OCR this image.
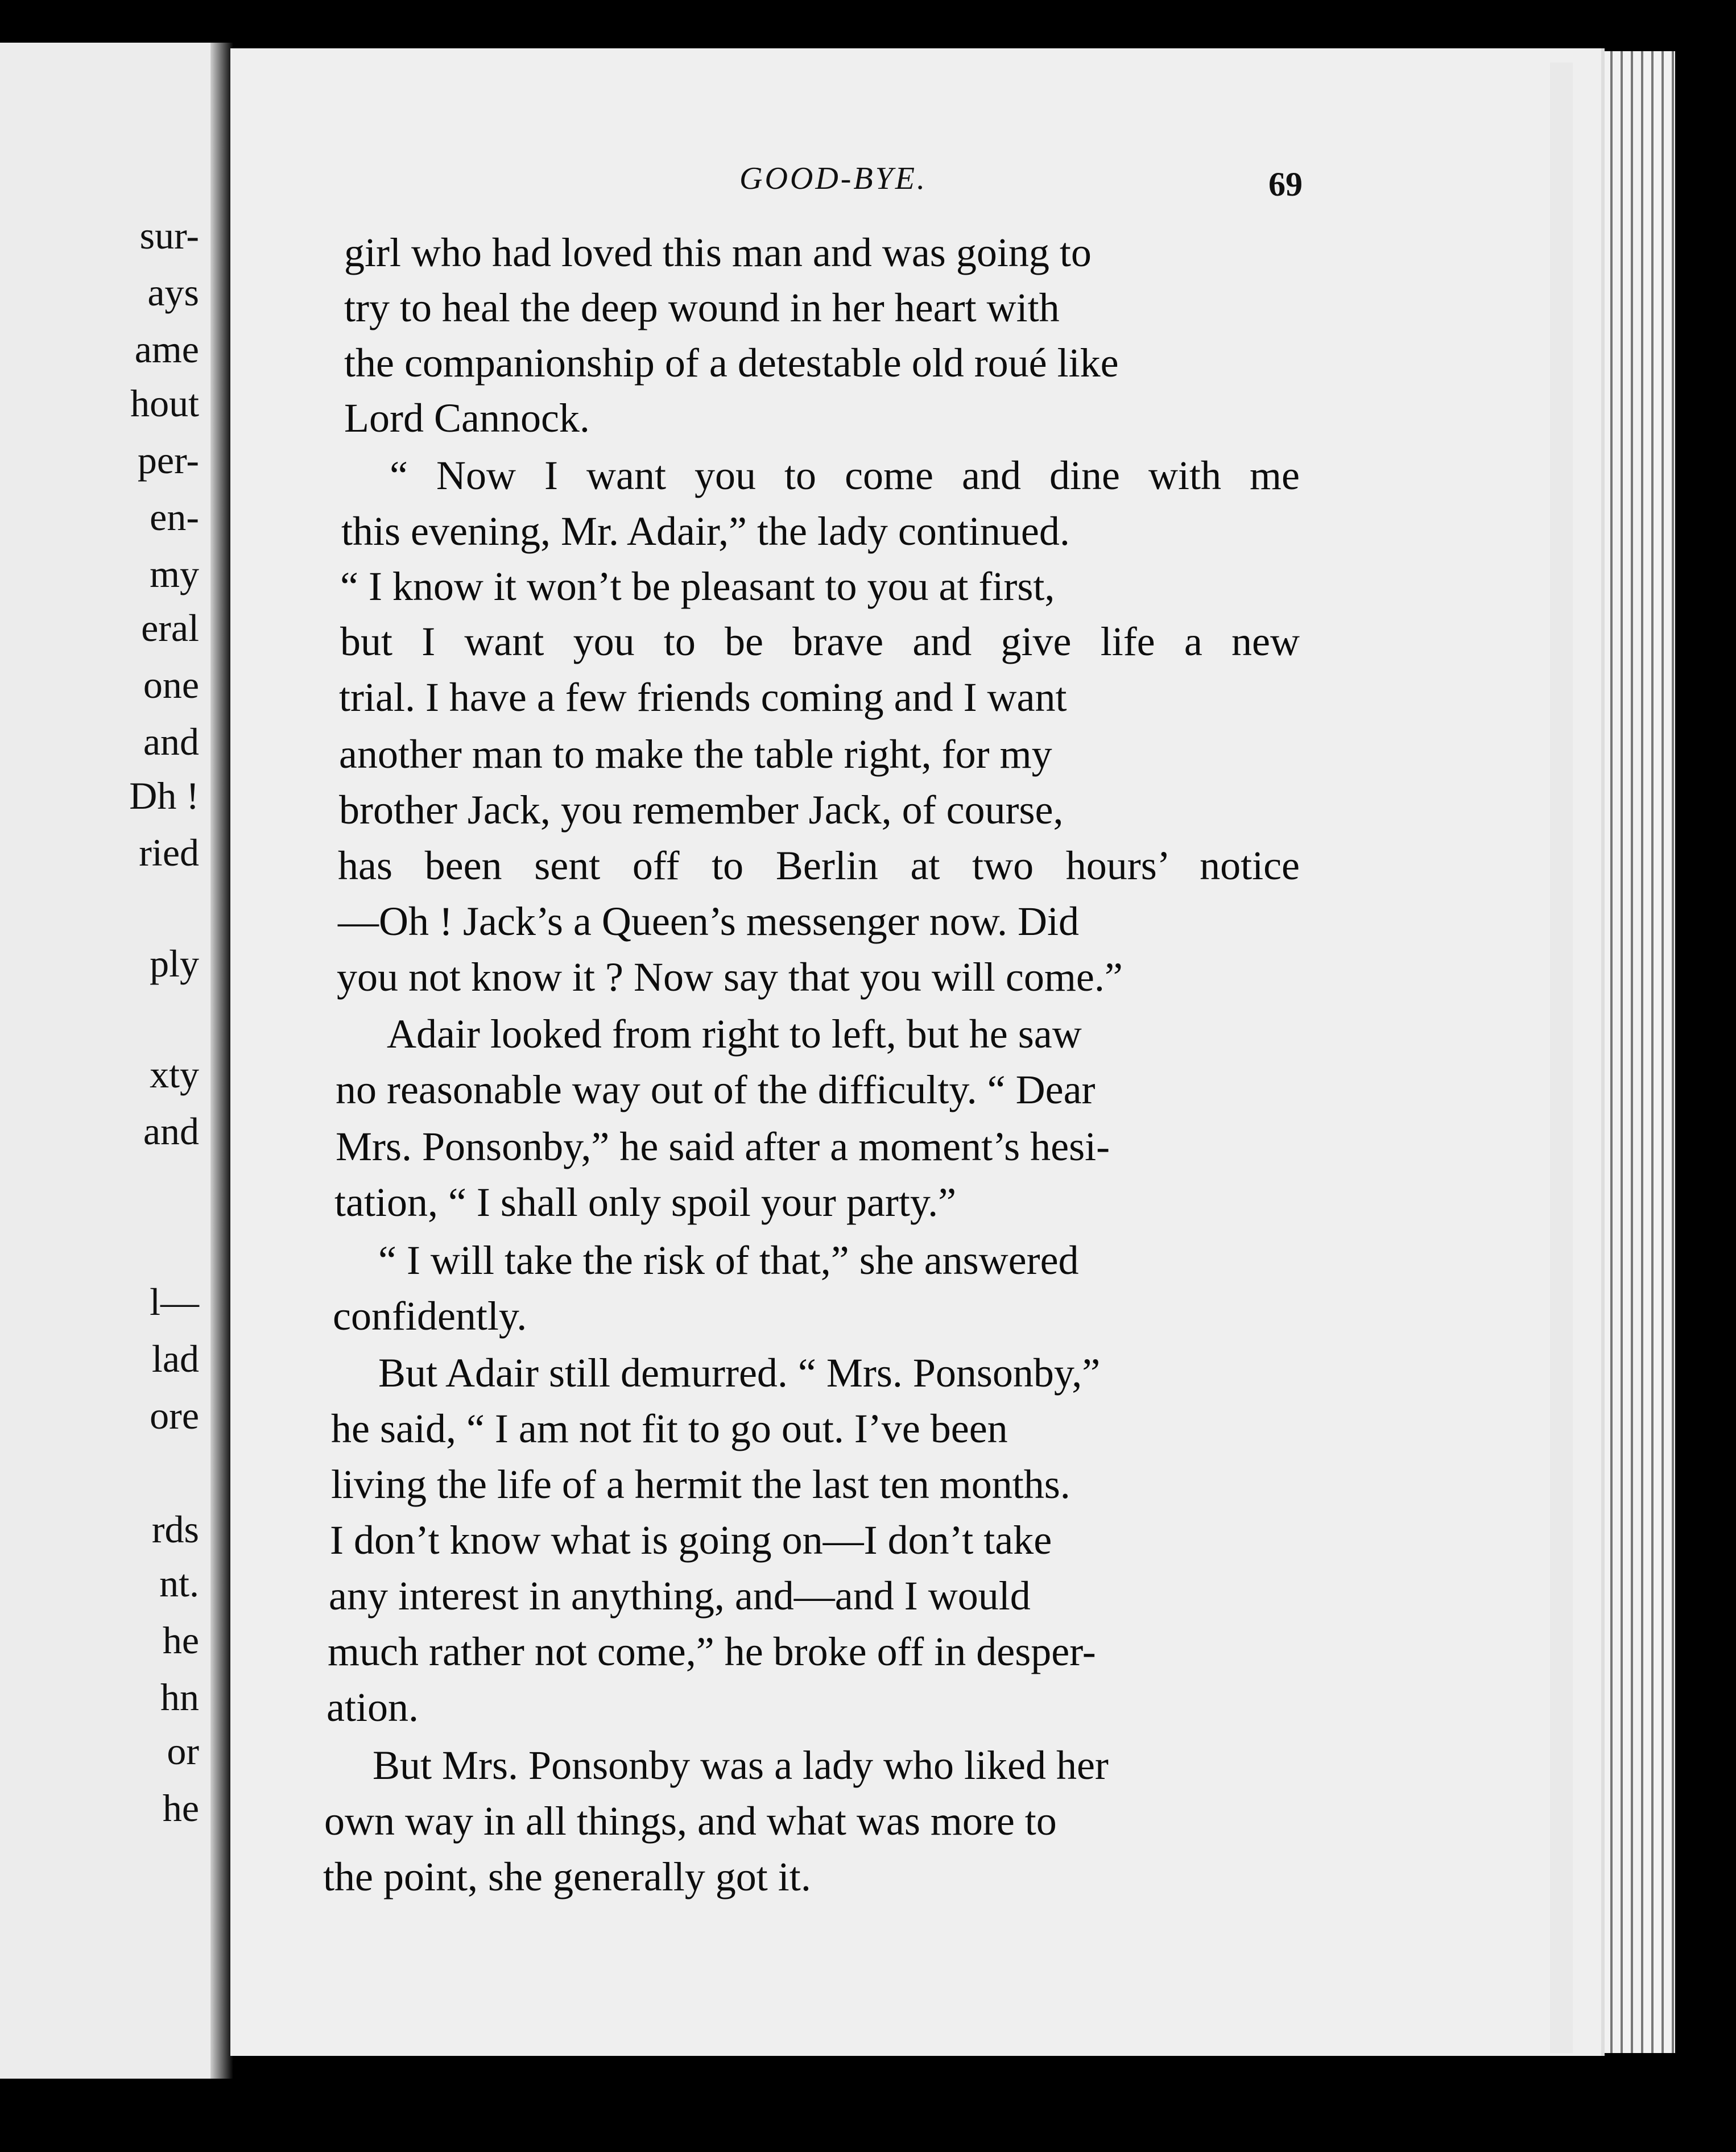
sur-
ays
ame
hout
per-
en-
my
eral
one
and
Dh !
ried
ply
xty
and
l—
lad
ore
rds
nt.
he
hn
or
he
GOOD-BYE.	69
girl who had loved this man and was going to
try to heal the deep wound in her heart with
the companionship of a detestable old roué like
Lord Cannock.
“ Now I want you to come and dine with me
this evening, Mr. Adair,” the lady continued.
“ I know it won’t be pleasant to you at first,
but I want you to be brave and give life a new
trial. I have a few friends coming and I want
another man to make the table right, for my
brother Jack, you remember Jack, of course,
has been sent off to Berlin at two hours’ notice
—Oh ! Jack’s a Queen’s messenger now. Did
you not know it ? Now say that you will come.”
Adair looked from right to left, but he saw
no reasonable way out of the difficulty. “ Dear
Mrs. Ponsonby,” he said after a moment’s hesi-
tation, “ I shall only spoil your party.”
“ I will take the risk of that,” she answered
confidently.
But Adair still demurred. “ Mrs. Ponsonby,”
he said, “ I am not fit to go out. I’ve been
living the life of a hermit the last ten months.
I don’t know what is going on—I don’t take
any interest in anything, and—and I would
much rather not come,” he broke off in desper-
ation.
But Mrs. Ponsonby was a lady who liked her
own way in all things, and what was more to
the point, she generally got it.
